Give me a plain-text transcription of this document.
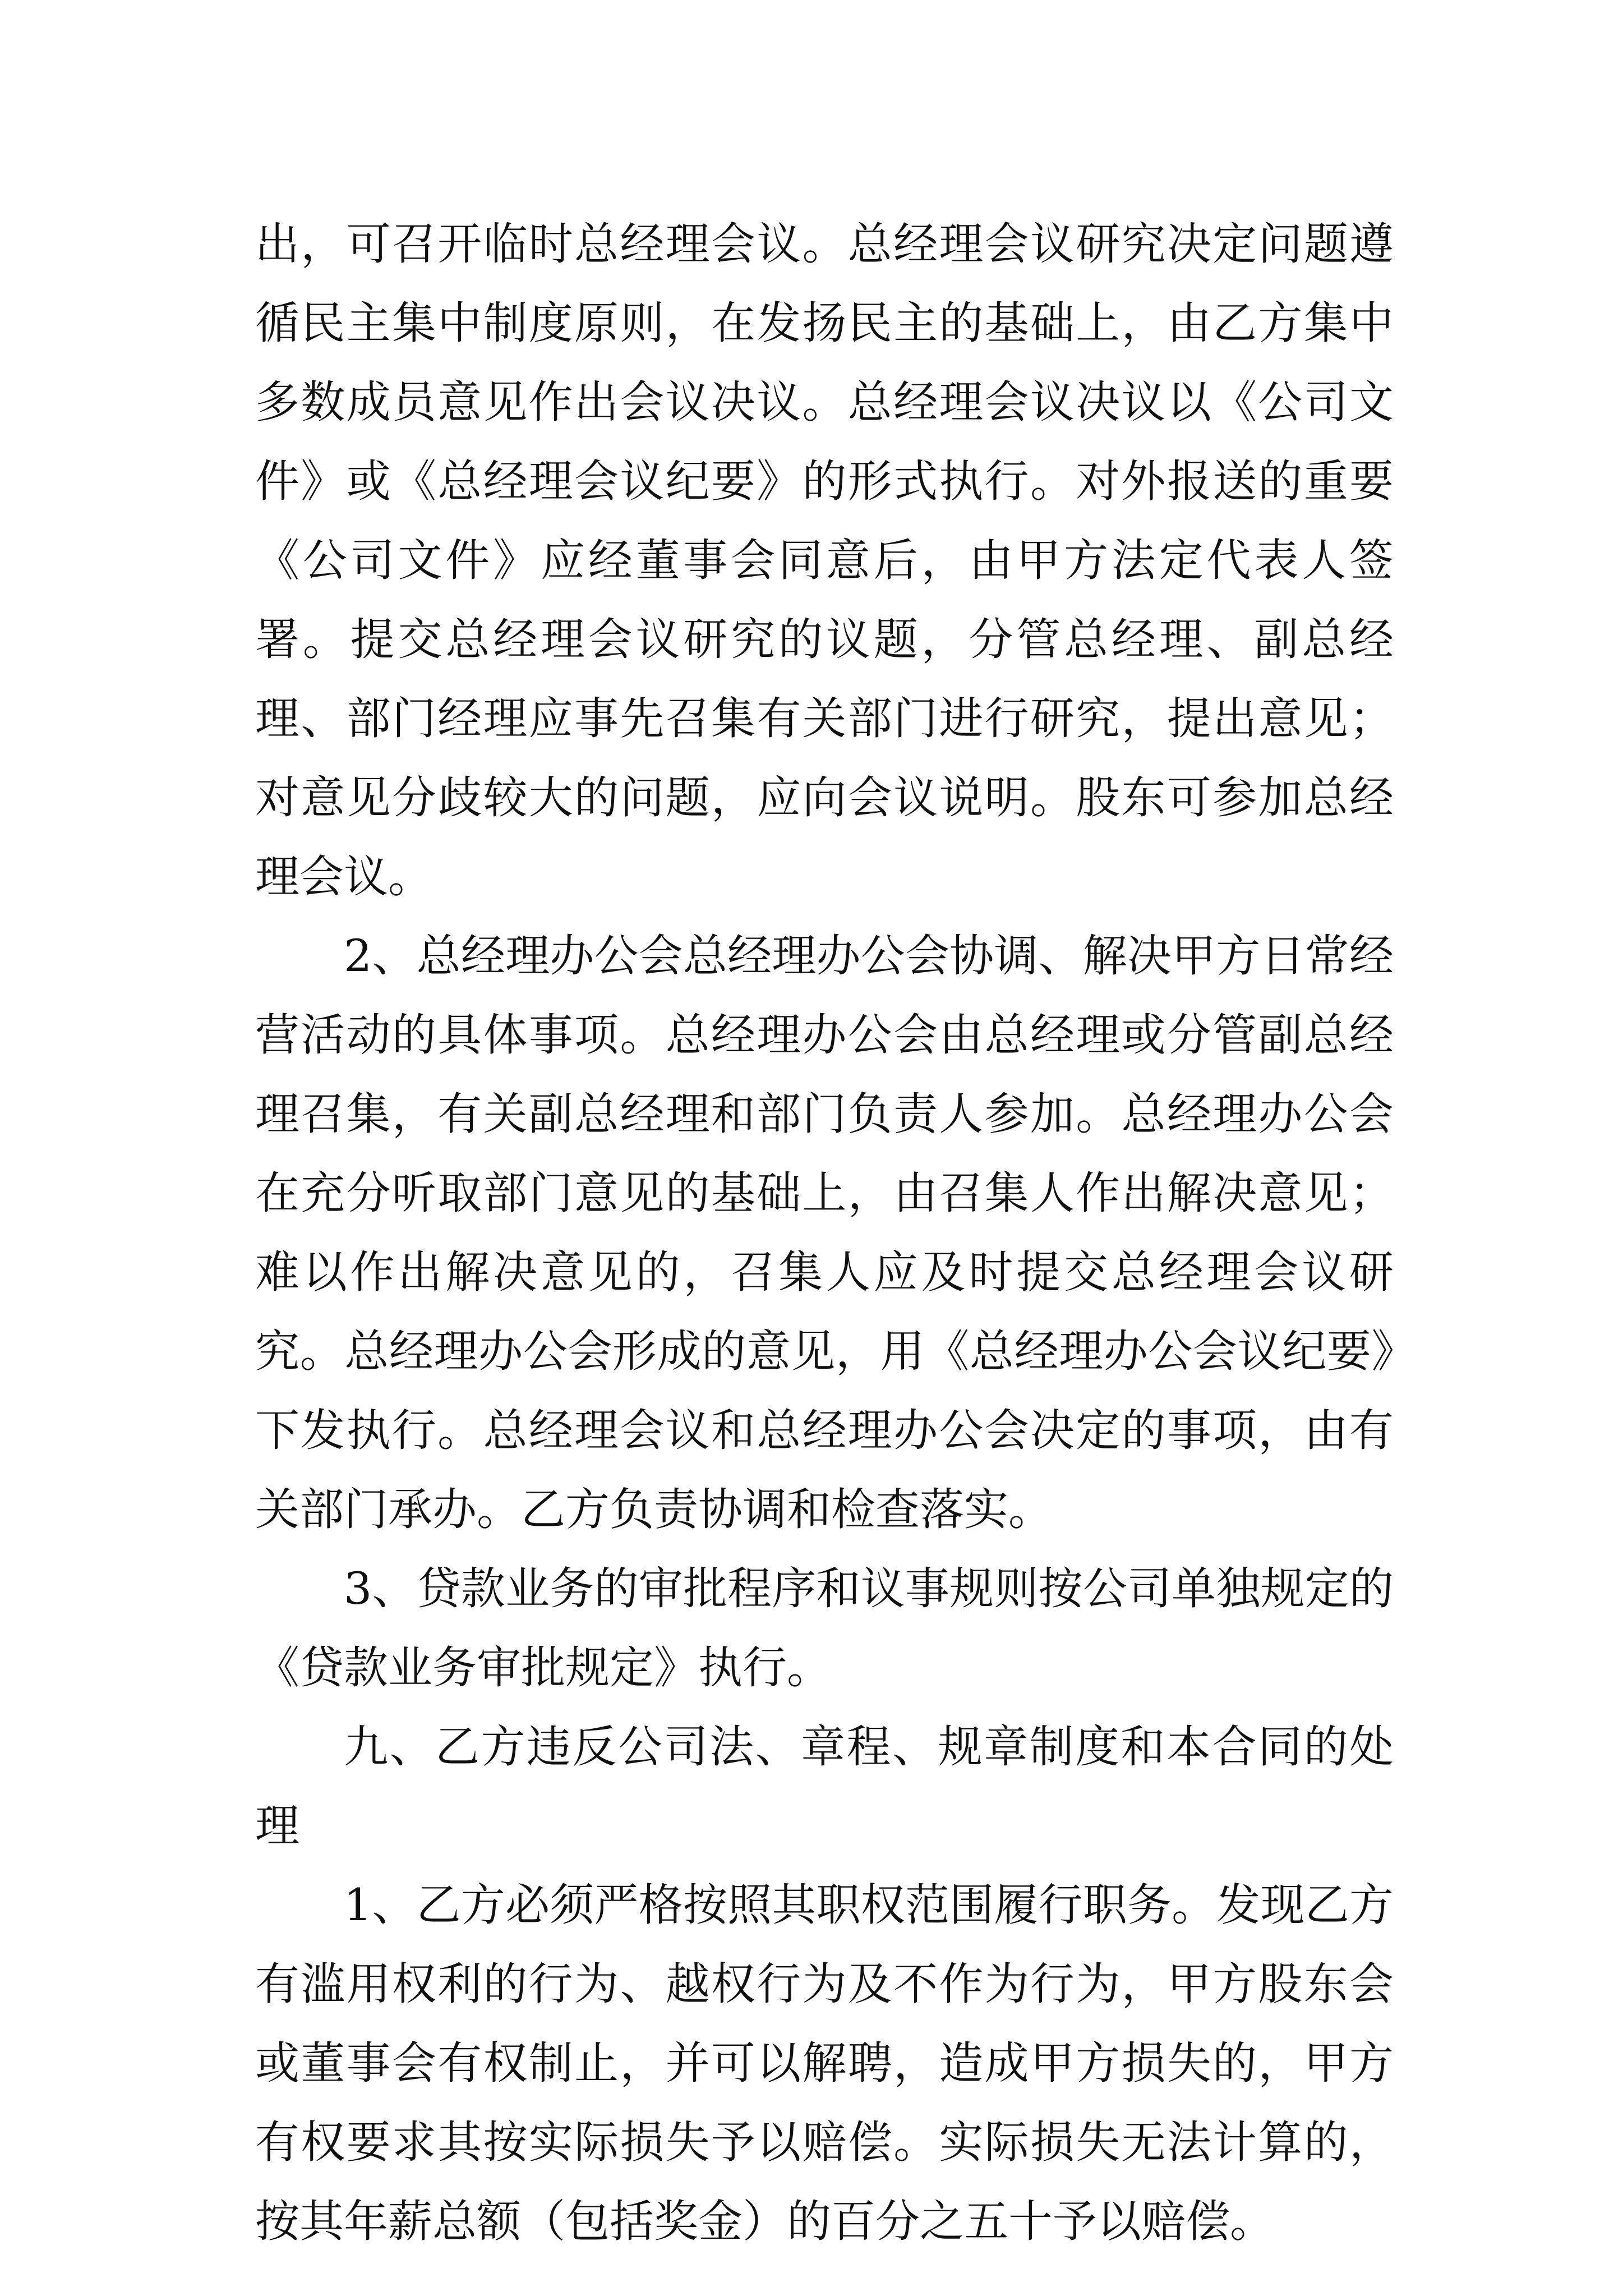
出，可召开临时总经理会议。总经理会议研究决定问题遵循民主集中制度原则，在发扬民主的基础上，由乙方集中多数成员意见作出会议决议。总经理会议决议以《公司文件》或《总经理会议纪要》的形式执行。对外报送的重要《公司文件》应经董事会同意后，由甲方法定代表人签署。提交总经理会议研究的议题，分管总经理、副总经理、部门经理应事先召集有关部门进行研究，提出意见；对意见分歧较大的问题，应向会议说明。股东可参加总经理会议。

2、总经理办公会总经理办公会协调、解决甲方日常经营活动的具体事项。总经理办公会由总经理或分管副总经理召集，有关副总经理和部门负责人参加。总经理办公会在充分听取部门意见的基础上，由召集人作出解决意见；难以作出解决意见的，召集人应及时提交总经理会议研究。总经理办公会形成的意见，用《总经理办公会议纪要》下发执行。总经理会议和总经理办公会决定的事项，由有关部门承办。乙方负责协调和检查落实。

3、贷款业务的审批程序和议事规则按公司单独规定的《贷款业务审批规定》执行。

九、乙方违反公司法、章程、规章制度和本合同的处理

1、乙方必须严格按照其职权范围履行职务。发现乙方有滥用权利的行为、越权行为及不作为行为，甲方股东会或董事会有权制止，并可以解聘，造成甲方损失的，甲方有权要求其按实际损失予以赔偿。实际损失无法计算的，按其年薪总额（包括奖金）的百分之五十予以赔偿。
